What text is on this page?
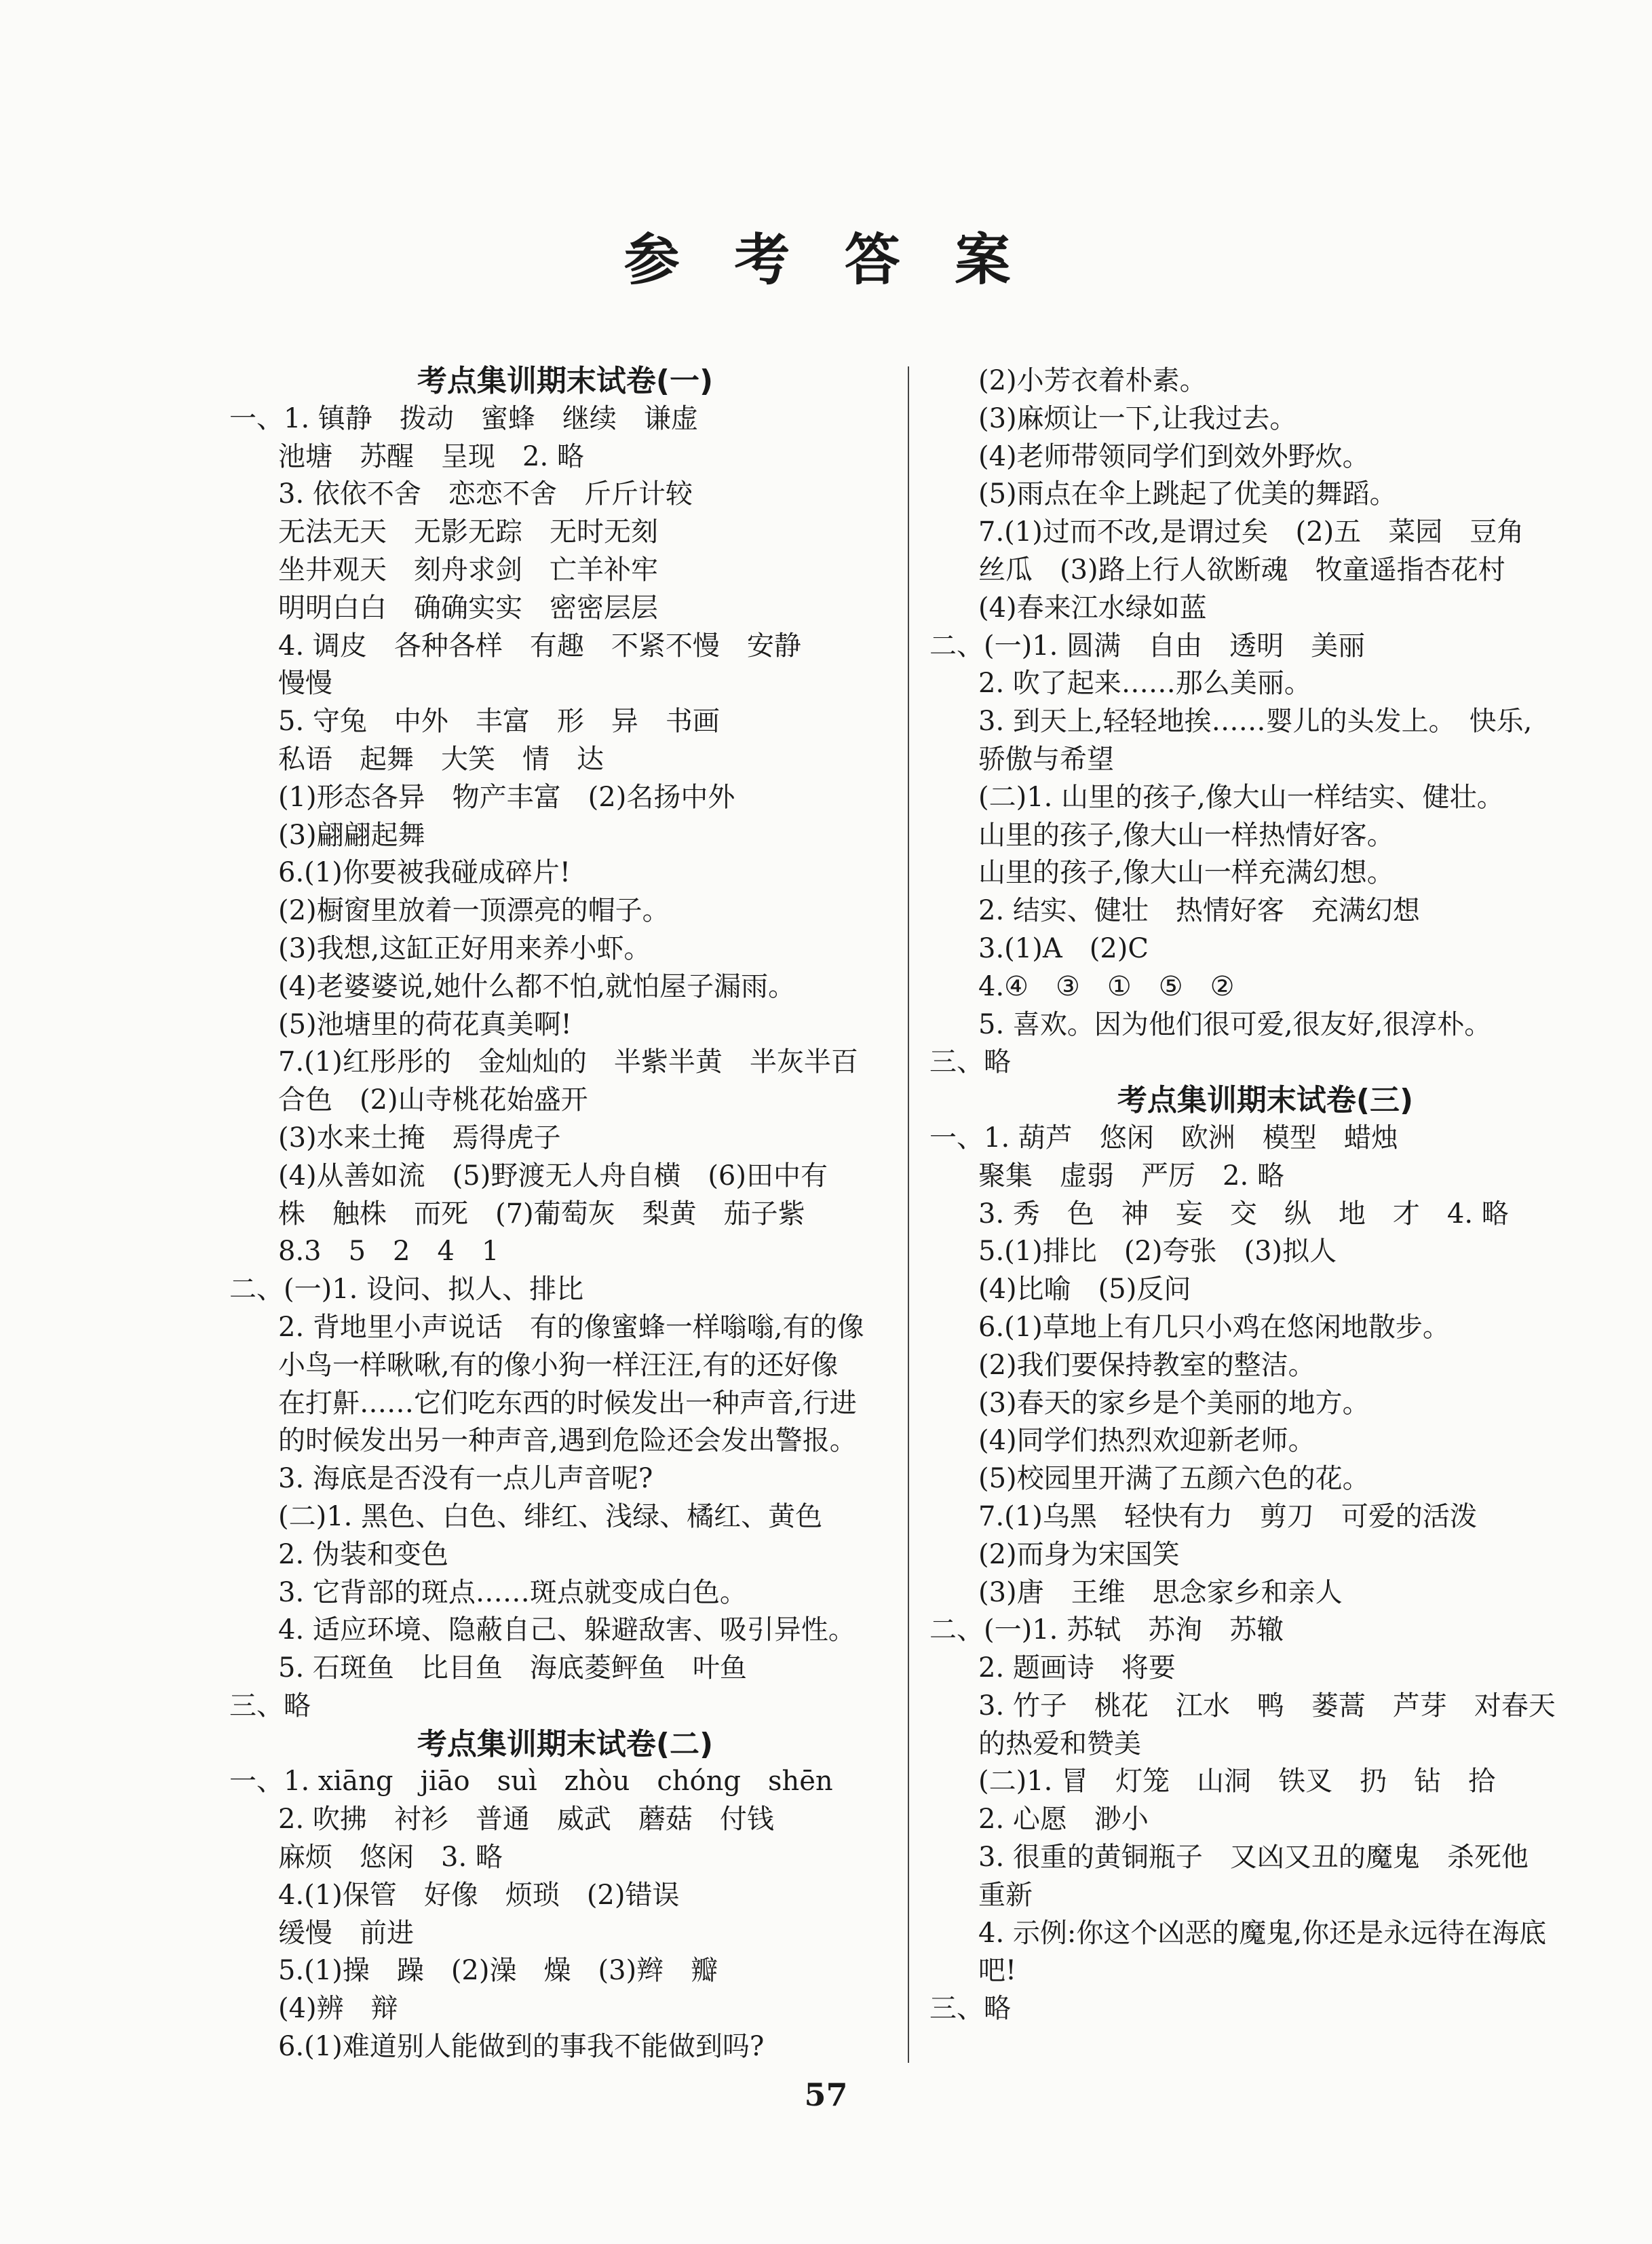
参 考 答 案
考点集训期末试卷(一)
一、1. 镇静　拨动　蜜蜂　继续　谦虚
池塘　苏醒　呈现　2. 略
3. 依依不舍　恋恋不舍　斤斤计较
无法无天　无影无踪　无时无刻
坐井观天　刻舟求剑　亡羊补牢
明明白白　确确实实　密密层层
4. 调皮　各种各样　有趣　不紧不慢　安静
慢慢
5. 守兔　中外　丰富　形　异　书画
私语　起舞　大笑　情　达
(1)形态各异　物产丰富　(2)名扬中外
(3)翩翩起舞
6.(1)你要被我碰成碎片!
(2)橱窗里放着一顶漂亮的帽子。
(3)我想,这缸正好用来养小虾。
(4)老婆婆说,她什么都不怕,就怕屋子漏雨。
(5)池塘里的荷花真美啊!
7.(1)红彤彤的　金灿灿的　半紫半黄　半灰半百
合色　(2)山寺桃花始盛开
(3)水来土掩　焉得虎子
(4)从善如流　(5)野渡无人舟自横　(6)田中有
株　触株　而死　(7)葡萄灰　梨黄　茄子紫
8.3　5　2　4　1
二、(一)1. 设问、拟人、排比
2. 背地里小声说话　有的像蜜蜂一样嗡嗡,有的像
小鸟一样啾啾,有的像小狗一样汪汪,有的还好像
在打鼾……它们吃东西的时候发出一种声音,行进
的时候发出另一种声音,遇到危险还会发出警报。
3. 海底是否没有一点儿声音呢?
(二)1. 黑色、白色、绯红、浅绿、橘红、黄色
2. 伪装和变色
3. 它背部的斑点……斑点就变成白色。
4. 适应环境、隐蔽自己、躲避敌害、吸引异性。
5. 石斑鱼　比目鱼　海底菱鲆鱼　叶鱼
三、略
考点集训期末试卷(二)
一、1. xiāng　jiāo　suì　zhòu　chóng　shēn
2. 吹拂　衬衫　普通　威武　蘑菇　付钱
麻烦　悠闲　3. 略
4.(1)保管　好像　烦琐　(2)错误
缓慢　前进
5.(1)操　躁　(2)澡　燥　(3)辫　瓣
(4)辨　辩
6.(1)难道别人能做到的事我不能做到吗?
(2)小芳衣着朴素。
(3)麻烦让一下,让我过去。
(4)老师带领同学们到效外野炊。
(5)雨点在伞上跳起了优美的舞蹈。
7.(1)过而不改,是谓过矣　(2)五　菜园　豆角
丝瓜　(3)路上行人欲断魂　牧童遥指杏花村
(4)春来江水绿如蓝
二、(一)1. 圆满　自由　透明　美丽
2. 吹了起来……那么美丽。
3. 到天上,轻轻地挨……婴儿的头发上。　快乐,
骄傲与希望
(二)1. 山里的孩子,像大山一样结实、健壮。
山里的孩子,像大山一样热情好客。
山里的孩子,像大山一样充满幻想。
2. 结实、健壮　热情好客　充满幻想
3.(1)A　(2)C
4.④　③　①　⑤　②
5. 喜欢。因为他们很可爱,很友好,很淳朴。
三、略
考点集训期末试卷(三)
一、1. 葫芦　悠闲　欧洲　模型　蜡烛
聚集　虚弱　严厉　2. 略
3. 秀　色　神　妄　交　纵　地　才　4. 略
5.(1)排比　(2)夸张　(3)拟人
(4)比喻　(5)反问
6.(1)草地上有几只小鸡在悠闲地散步。
(2)我们要保持教室的整洁。
(3)春天的家乡是个美丽的地方。
(4)同学们热烈欢迎新老师。
(5)校园里开满了五颜六色的花。
7.(1)乌黑　轻快有力　剪刀　可爱的活泼
(2)而身为宋国笑
(3)唐　王维　思念家乡和亲人
二、(一)1. 苏轼　苏洵　苏辙
2. 题画诗　将要
3. 竹子　桃花　江水　鸭　蒌蒿　芦芽　对春天
的热爱和赞美
(二)1. 冒　灯笼　山洞　铁叉　扔　钻　拾
2. 心愿　渺小
3. 很重的黄铜瓶子　又凶又丑的魔鬼　杀死他
重新
4. 示例:你这个凶恶的魔鬼,你还是永远待在海底
吧!
三、略
57
